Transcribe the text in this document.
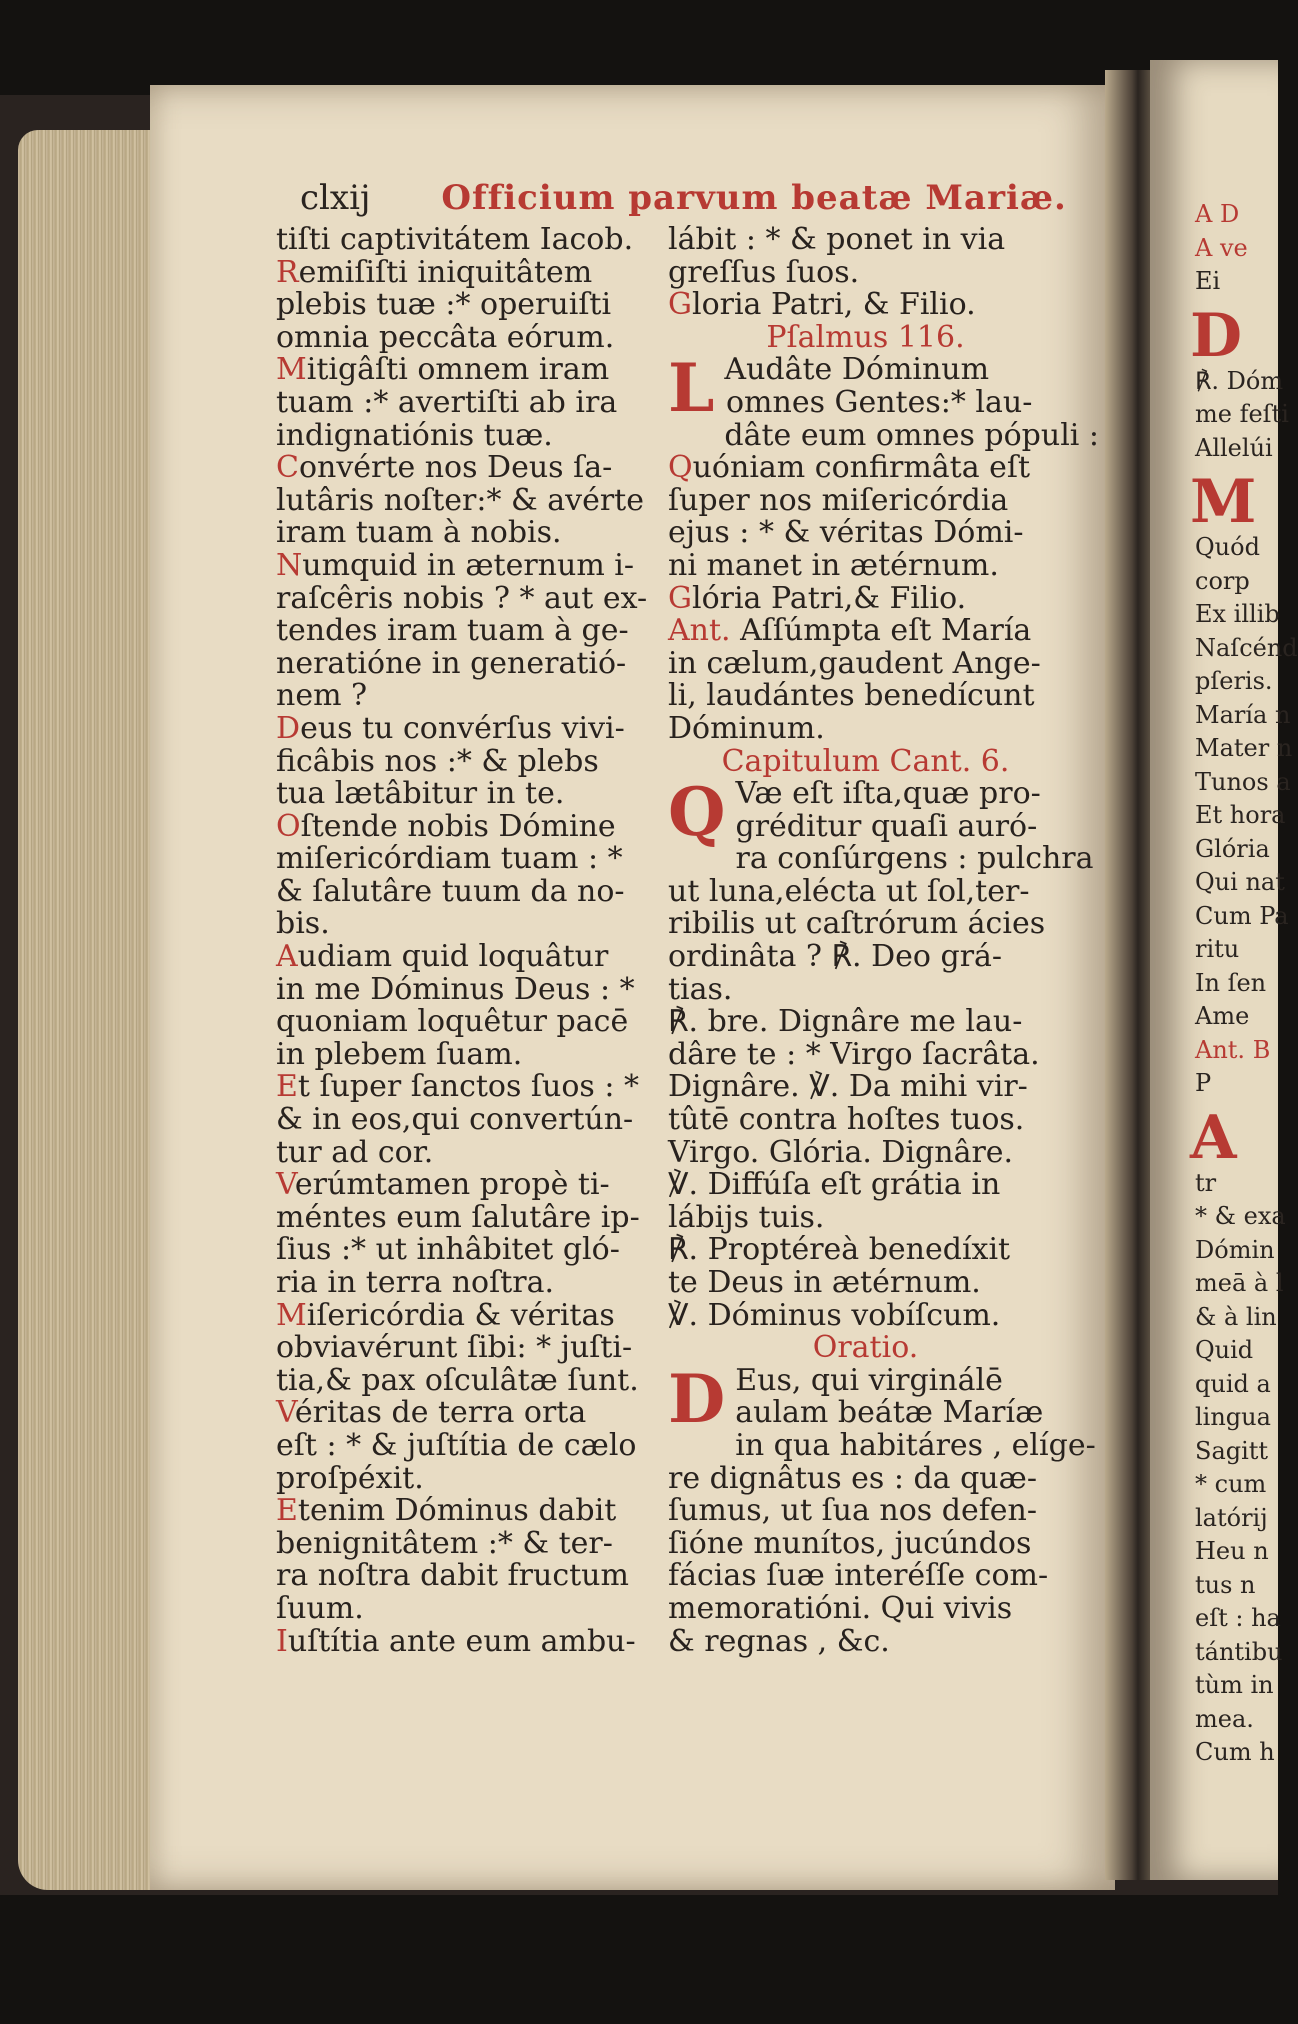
A D
A ve
Ei
D
℟. Dóm
me feſti
Allelúi
M
Quód
corp
Ex illib
Naſcénd
pſeris.
María n
Mater n
Tunos a
Et hora
Glória
Qui nat
Cum Pa
ritu
In ſen
Ame
Ant. B
P
A
tr
* & exa
Dómin
meā à l
& à lin
Quid
quid a
lingua
Sagitt
* cum
latórij
Heu n
tus n
eſt : ha
tántibu
tùm in
mea.
Cum h
clxij Officium parvum beatæ Mariæ.
tiſti captivitátem Iacob.
Remiſiſti iniquitâtem
plebis tuæ :* operuiſti
omnia peccâta eórum.
Mitigâſti omnem iram
tuam :* avertiſti ab ira
indignatiónis tuæ.
Convérte nos Deus ſa-
lutâris noſter:* & avérte
iram tuam à nobis.
Numquid in æternum i-
raſcêris nobis ? * aut ex-
tendes iram tuam à ge-
neratióne in generatió-
nem ?
Deus tu convérſus vivi-
ficâbis nos :* & plebs
tua lætâbitur in te.
Oſtende nobis Dómine
miſericórdiam tuam : *
& ſalutâre tuum da no-
bis.
Audiam quid loquâtur
in me Dóminus Deus : *
quoniam loquêtur pacē
in plebem ſuam.
Et ſuper ſanctos ſuos : *
& in eos,qui convertún-
tur ad cor.
Verúmtamen propè ti-
méntes eum ſalutâre ip-
ſius :* ut inhâbitet gló-
ria in terra noſtra.
Miſericórdia & véritas
obviavérunt ſibi: * juſti-
tia,& pax oſculâtæ ſunt.
Véritas de terra orta
eſt : * & juſtítia de cælo
proſpéxit.
Etenim Dóminus dabit
benignitâtem :* & ter-
ra noſtra dabit fructum
ſuum.
Iuſtítia ante eum ambu-
lábit : * & ponet in via
greſſus ſuos.
Gloria Patri, & Filio.
Pſalmus 116.
L Audâte Dóminum
omnes Gentes:* lau-
dâte eum omnes pópuli :
Quóniam confirmâta eſt
ſuper nos miſericórdia
ejus : * & véritas Dómi-
ni manet in ætérnum.
Glória Patri,& Filio.
Ant. Aſſúmpta eſt María
in cælum,gaudent Ange-
li, laudántes benedícunt
Dóminum.
Capitulum Cant. 6.
Q Væ eſt iſta,quæ pro-
gréditur quaſi auró-
ra conſúrgens : pulchra
ut luna,elécta ut ſol,ter-
ribilis ut caſtrórum ácies
ordinâta ? ℟. Deo grá-
tias.
℟. bre. Dignâre me lau-
dâre te : * Virgo ſacrâta.
Dignâre. ℣. Da mihi vir-
tûtē contra hoſtes tuos.
Virgo. Glória. Dignâre.
℣. Diffúſa eſt grátia in
lábijs tuis.
℟. Proptéreà benedíxit
te Deus in ætérnum.
℣. Dóminus vobíſcum.
Oratio.
D Eus, qui virginálē
aulam beátæ Maríæ
in qua habitáres , elíge-
re dignâtus es : da quæ-
ſumus, ut ſua nos defen-
ſióne munítos, jucúndos
fácias ſuæ interéſſe com-
memoratióni. Qui vivis
& regnas , &c.
